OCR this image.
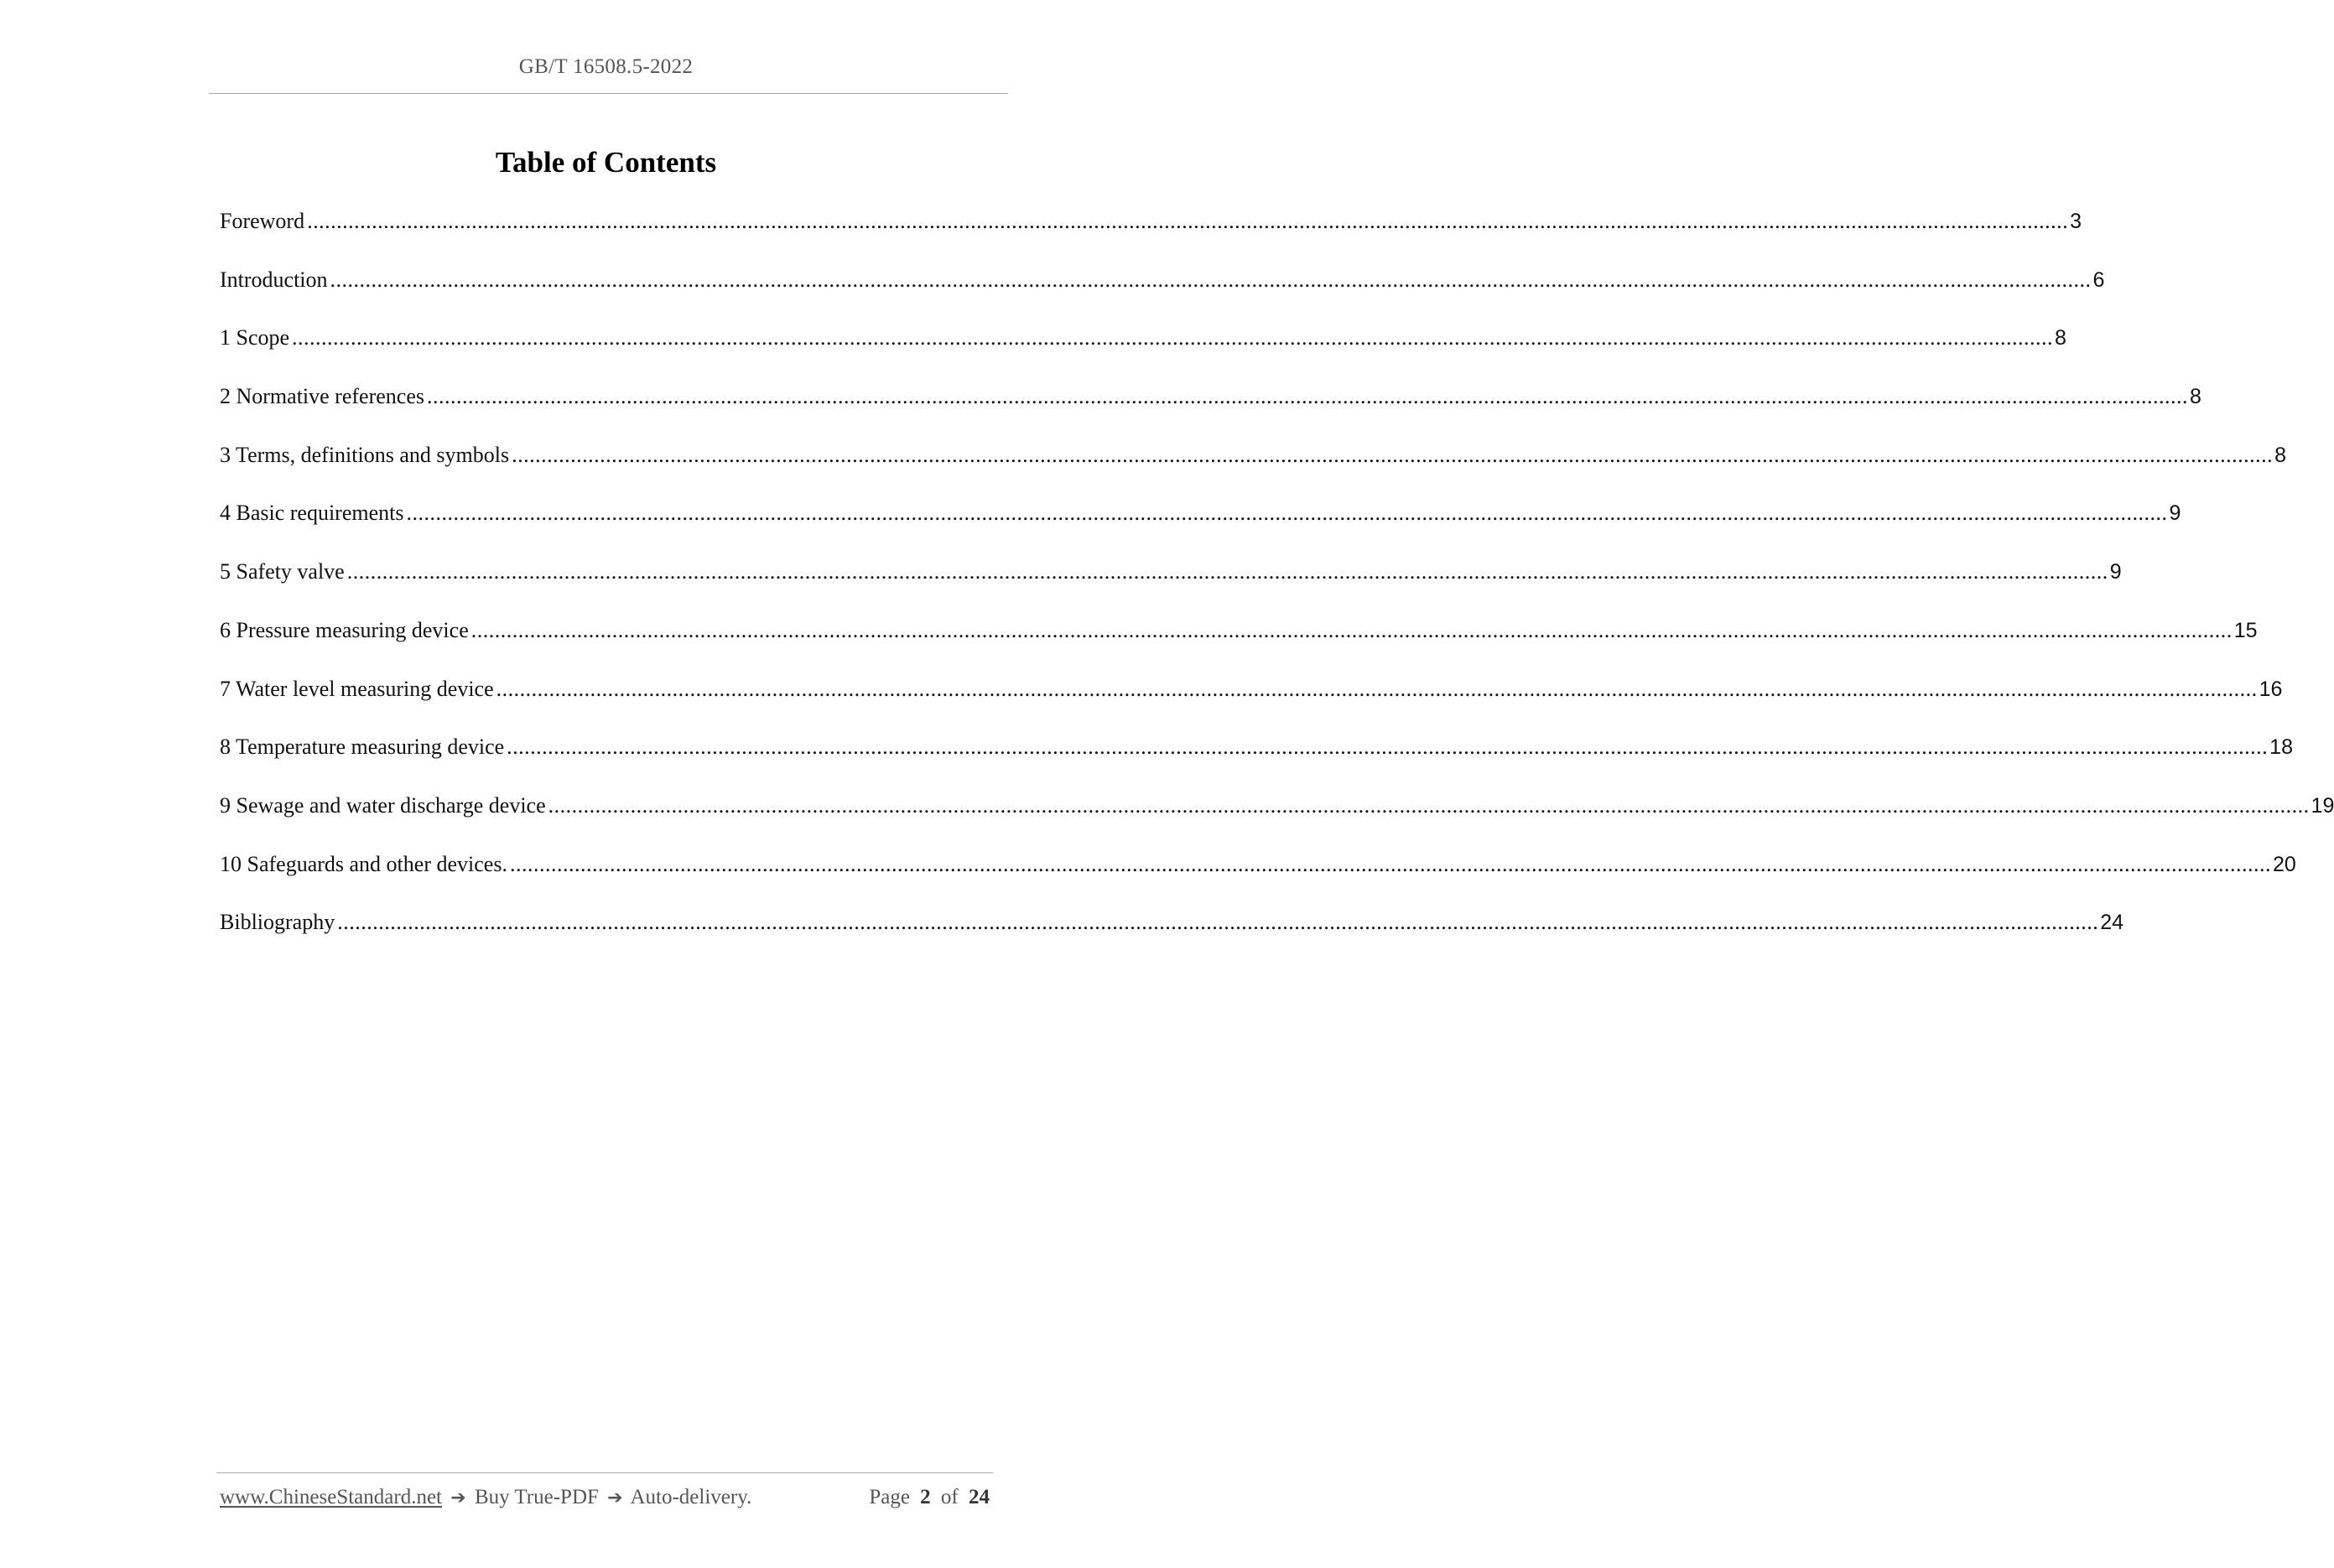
GB/T 16508.5-2022
Table of Contents
Foreword ............................................................................................................................................................................................................................................................................................................ 3
Introduction ............................................................................................................................................................................................................................................................................................................ 6
1 Scope ............................................................................................................................................................................................................................................................................................................ 8
2 Normative references ............................................................................................................................................................................................................................................................................................................ 8
3 Terms, definitions and symbols ............................................................................................................................................................................................................................................................................................................ 8
4 Basic requirements ............................................................................................................................................................................................................................................................................................................ 9
5 Safety valve ............................................................................................................................................................................................................................................................................................................ 9
6 Pressure measuring device ............................................................................................................................................................................................................................................................................................................ 15
7 Water level measuring device ............................................................................................................................................................................................................................................................................................................ 16
8 Temperature measuring device ............................................................................................................................................................................................................................................................................................................ 18
9 Sewage and water discharge device ............................................................................................................................................................................................................................................................................................................ 19
10 Safeguards and other devices. ............................................................................................................................................................................................................................................................................................................ 20
Bibliography ............................................................................................................................................................................................................................................................................................................ 24
www.ChineseStandard.net ➔ Buy True-PDF ➔ Auto-delivery.	Page 2 of 24
